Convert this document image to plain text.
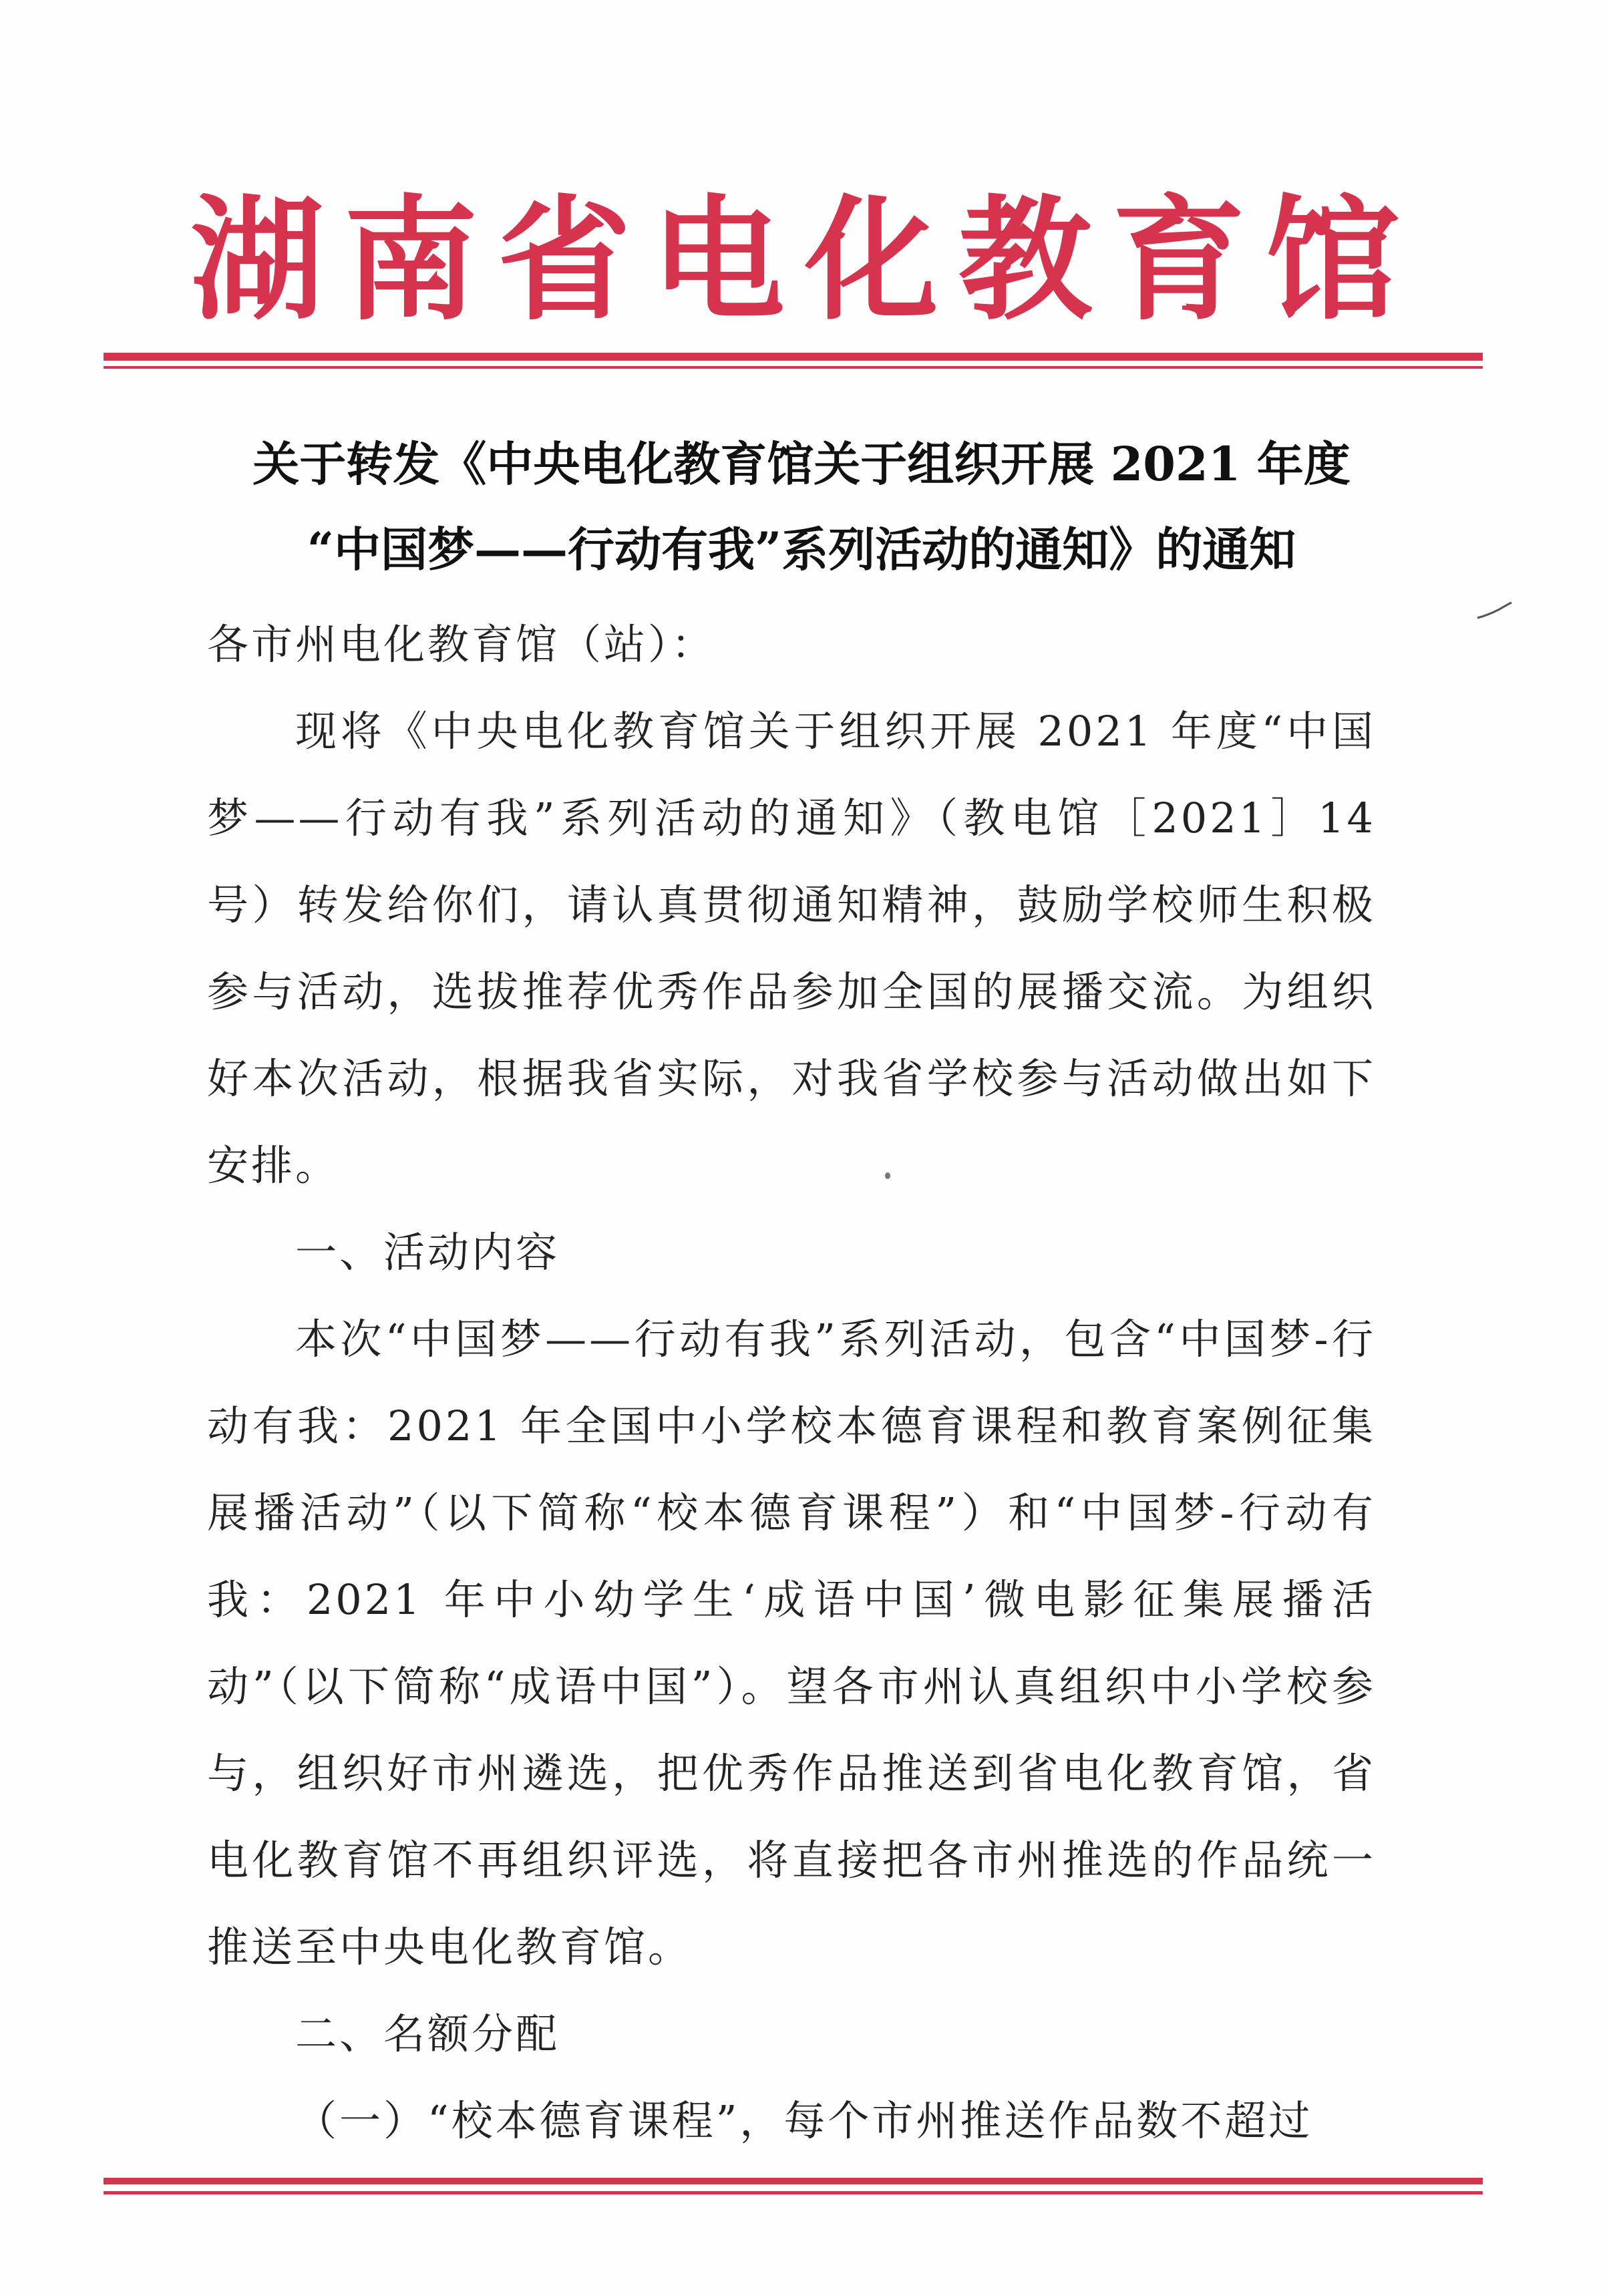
湖南省电化教育馆
关于转发《中央电化教育馆关于组织开展 2021 年度
“中国梦——行动有我”系列活动的通知》的通知
各市州电化教育馆（站）：

现将《中央电化教育馆关于组织开展 2021 年度“中国梦——行动有我”系列活动的通知》（教电馆［2021］14 号）转发给你们，请认真贯彻通知精神，鼓励学校师生积极参与活动，选拔推荐优秀作品参加全国的展播交流。为组织好本次活动，根据我省实际，对我省学校参与活动做出如下安排。

一、活动内容

本次“中国梦——行动有我”系列活动，包含“中国梦-行动有我：2021 年全国中小学校本德育课程和教育案例征集展播活动”（以下简称“校本德育课程”）和“中国梦-行动有我：2021 年中小幼学生‘成语中国’微电影征集展播活动”（以下简称“成语中国”）。望各市州认真组织中小学校参与，组织好市州遴选，把优秀作品推送到省电化教育馆，省电化教育馆不再组织评选，将直接把各市州推选的作品统一推送至中央电化教育馆。

二、名额分配

（一）“校本德育课程”，每个市州推送作品数不超过
